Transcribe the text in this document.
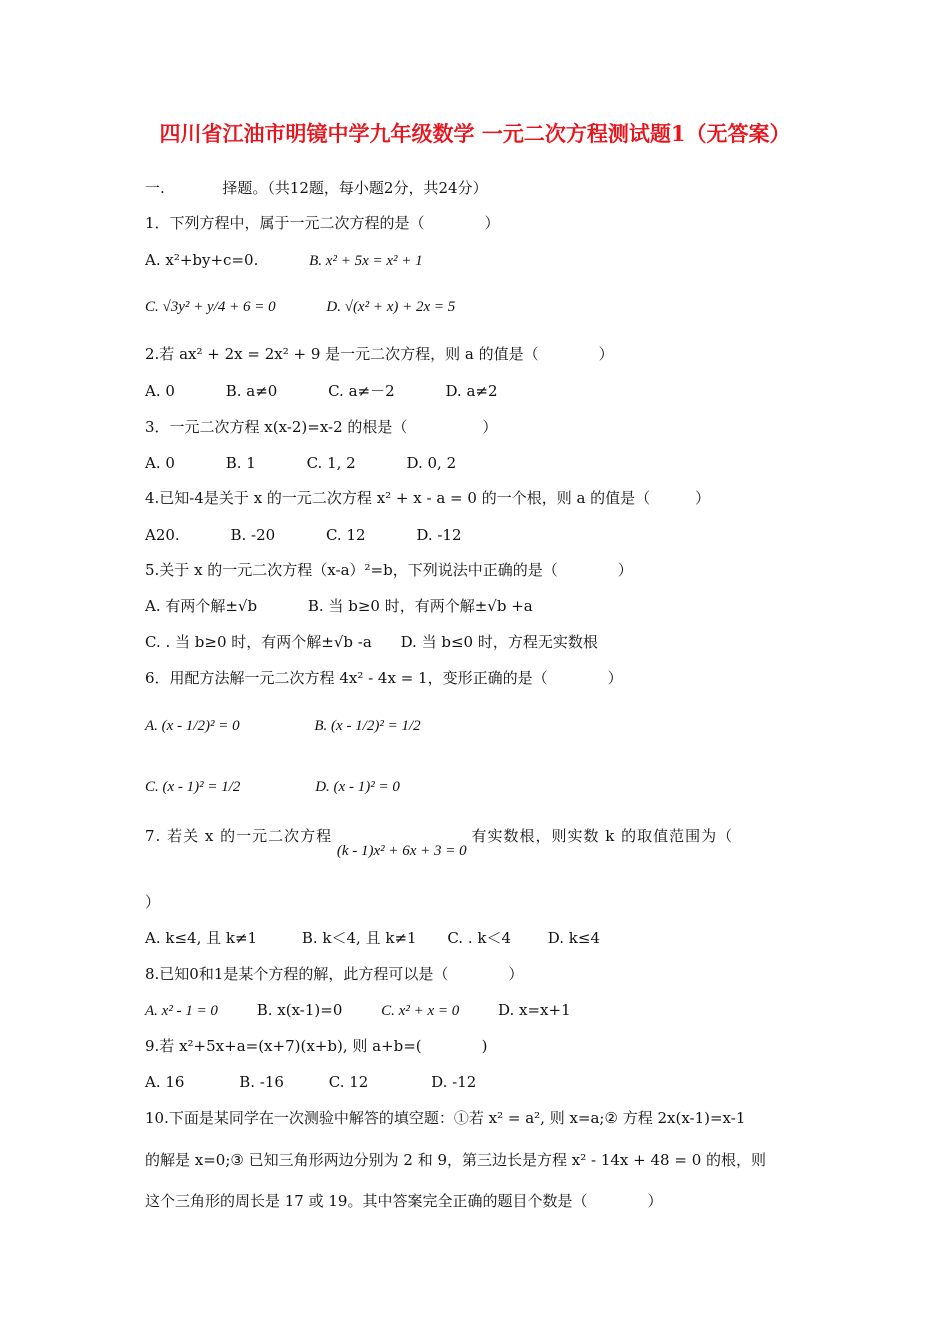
四川省江油市明镜中学九年级数学 一元二次方程测试题1（无答案）
一.	择题。（共12题，每小题2分，共24分）
1．下列方程中，属于一元二次方程的是（　　　　）
A. x²+by+c=0.	B. x² + 5x = x² + 1
C. √3y² + y/4 + 6 = 0	D. √(x² + x) + 2x = 5
2.若 ax² + 2x = 2x² + 9 是一元二次方程，则 a 的值是（　　　　）
A. 0	B. a≠0	C. a≠－2	D. a≠2
3．一元二次方程 x(x-2)=x-2 的根是（　　　　　）
A. 0	B. 1	C. 1, 2	D. 0, 2
4.已知-4是关于 x 的一元二次方程 x² + x - a = 0 的一个根，则 a 的值是（　　　）
A20.	B. -20	C. 12	D. -12
5.关于 x 的一元二次方程（x-a）²=b，下列说法中正确的是（　　　　）
A. 有两个解±√b	B. 当 b≥0 时，有两个解±√b +a
C. . 当 b≥0 时，有两个解±√b -a D. 当 b≤0 时，方程无实数根
6．用配方法解一元二次方程 4x² - 4x = 1，变形正确的是（　　　　）
A. (x - 1/2)² = 0	B. (x - 1/2)² = 1/2
C. (x - 1)² = 1/2	D. (x - 1)² = 0
7. 若关 x 的一元二次方程 (k - 1)x² + 6x + 3 = 0 有实数根，则实数 k 的取值范围为（
）
A. k≤4, 且 k≠1	B. k＜4, 且 k≠1 C. . k＜4 D. k≤4
8.已知0和1是某个方程的解，此方程可以是（　　　　）
A. x² - 1 = 0	B. x(x-1)=0	C. x² + x = 0	D. x=x+1
9.若 x²+5x+a=(x+7)(x+b), 则 a+b=(　　　　)
A. 16	B. -16	C. 12	D. -12
10.下面是某同学在一次测验中解答的填空题：①若 x² = a², 则 x=a;② 方程 2x(x-1)=x-1
的解是 x=0;③ 已知三角形两边分别为 2 和 9，第三边长是方程 x² - 14x + 48 = 0 的根，则
这个三角形的周长是 17 或 19。其中答案完全正确的题目个数是（　　　　）
